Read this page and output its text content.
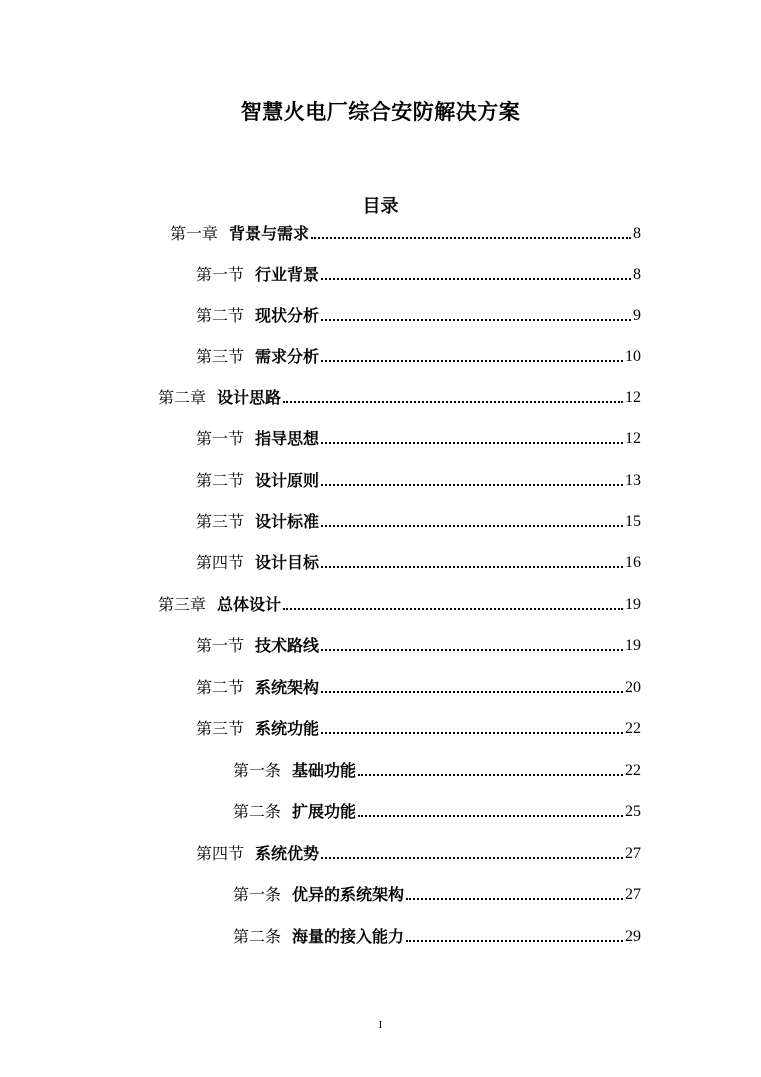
智慧火电厂综合安防解决方案
目录
第一章 背景与需求	8
第一节 行业背景	8
第二节 现状分析	9
第三节 需求分析	10
第二章 设计思路	12
第一节 指导思想	12
第二节 设计原则	13
第三节 设计标准	15
第四节 设计目标	16
第三章 总体设计	19
第一节 技术路线	19
第二节 系统架构	20
第三节 系统功能	22
第一条 基础功能	22
第二条 扩展功能	25
第四节 系统优势	27
第一条 优异的系统架构	27
第二条 海量的接入能力	29
I
